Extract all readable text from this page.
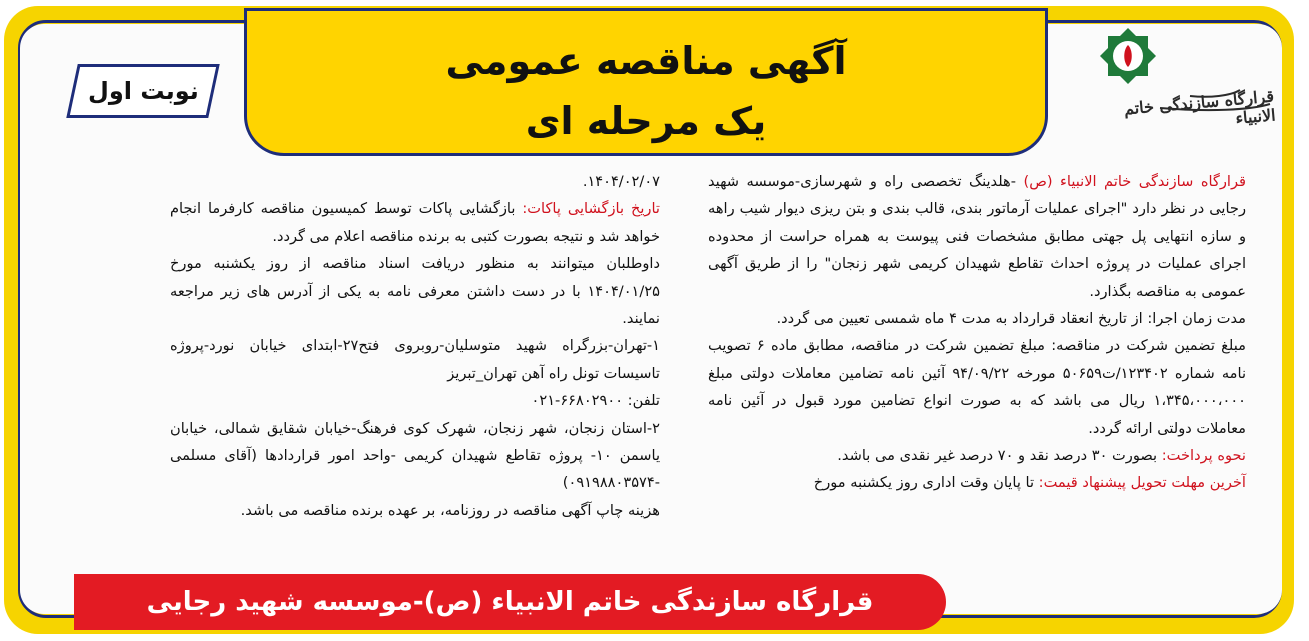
آگهی مناقصه عمومی
یک مرحله ای
نوبت اول	قرارگاه سازندگی خاتم الانبیاء

قرارگاه سازندگی خاتم الانبیاء (ص) -هلدینگ تخصصی راه و شهرسازی-موسسه شهید رجایی در نظر دارد "اجرای عملیات آرماتور بندی، قالب بندی و بتن ریزی دیوار شیب راهه و سازه انتهایی پل جهتی مطابق مشخصات فنی پیوست به همراه حراست از محدوده اجرای عملیات در پروژه احداث تقاطع شهیدان کریمی شهر زنجان" را از طریق آگهی عمومی به مناقصه بگذارد.

مدت زمان اجرا: از تاریخ انعقاد قرارداد به مدت ۴ ماه شمسی تعیین می گردد.

مبلغ تضمین شرکت در مناقصه: مبلغ تضمین شرکت در مناقصه، مطابق ماده ۶ تصویب نامه شماره ۱۲۳۴۰۲/ت۵۰۶۵۹ مورخه ۹۴/۰۹/۲۲ آئین نامه تضامین معاملات دولتی مبلغ ۱،۳۴۵،۰۰۰،۰۰۰ ریال می باشد که به صورت انواع تضامین مورد قبول در آئین نامه معاملات دولتی ارائه گردد.

نحوه پرداخت: بصورت ۳۰ درصد نقد و ۷۰ درصد غیر نقدی می باشد.

آخرین مهلت تحویل پیشنهاد قیمت: تا پایان وقت اداری روز یکشنبه مورخ

۱۴۰۴/۰۲/۰۷.

تاریخ بازگشایی پاکات: بازگشایی پاکات توسط کمیسیون مناقصه کارفرما انجام خواهد شد و نتیجه بصورت کتبی به برنده مناقصه اعلام می گردد.

داوطلبان میتوانند به منظور دریافت اسناد مناقصه از روز یکشنبه مورخ ۱۴۰۴/۰۱/۲۵ با در دست داشتن معرفی نامه به یکی از آدرس های زیر مراجعه نمایند.

۱-تهران-بزرگراه شهید متوسلیان-روبروی فتح۲۷-ابتدای خیابان نورد-پروژه تاسیسات تونل راه آهن تهران_تبریز

تلفن: ۶۶۸۰۲۹۰۰-۰۲۱

۲-استان زنجان، شهر زنجان، شهرک کوی فرهنگ-خیابان شقایق شمالی، خیابان یاسمن ۱۰- پروژه تقاطع شهیدان کریمی -واحد امور قراردادها (آقای مسلمی -۰۹۱۹۸۸۰۳۵۷۴)

هزینه چاپ آگهی مناقصه در روزنامه، بر عهده برنده مناقصه می باشد.

قرارگاه سازندگی خاتم الانبیاء (ص)-موسسه شهید رجایی
